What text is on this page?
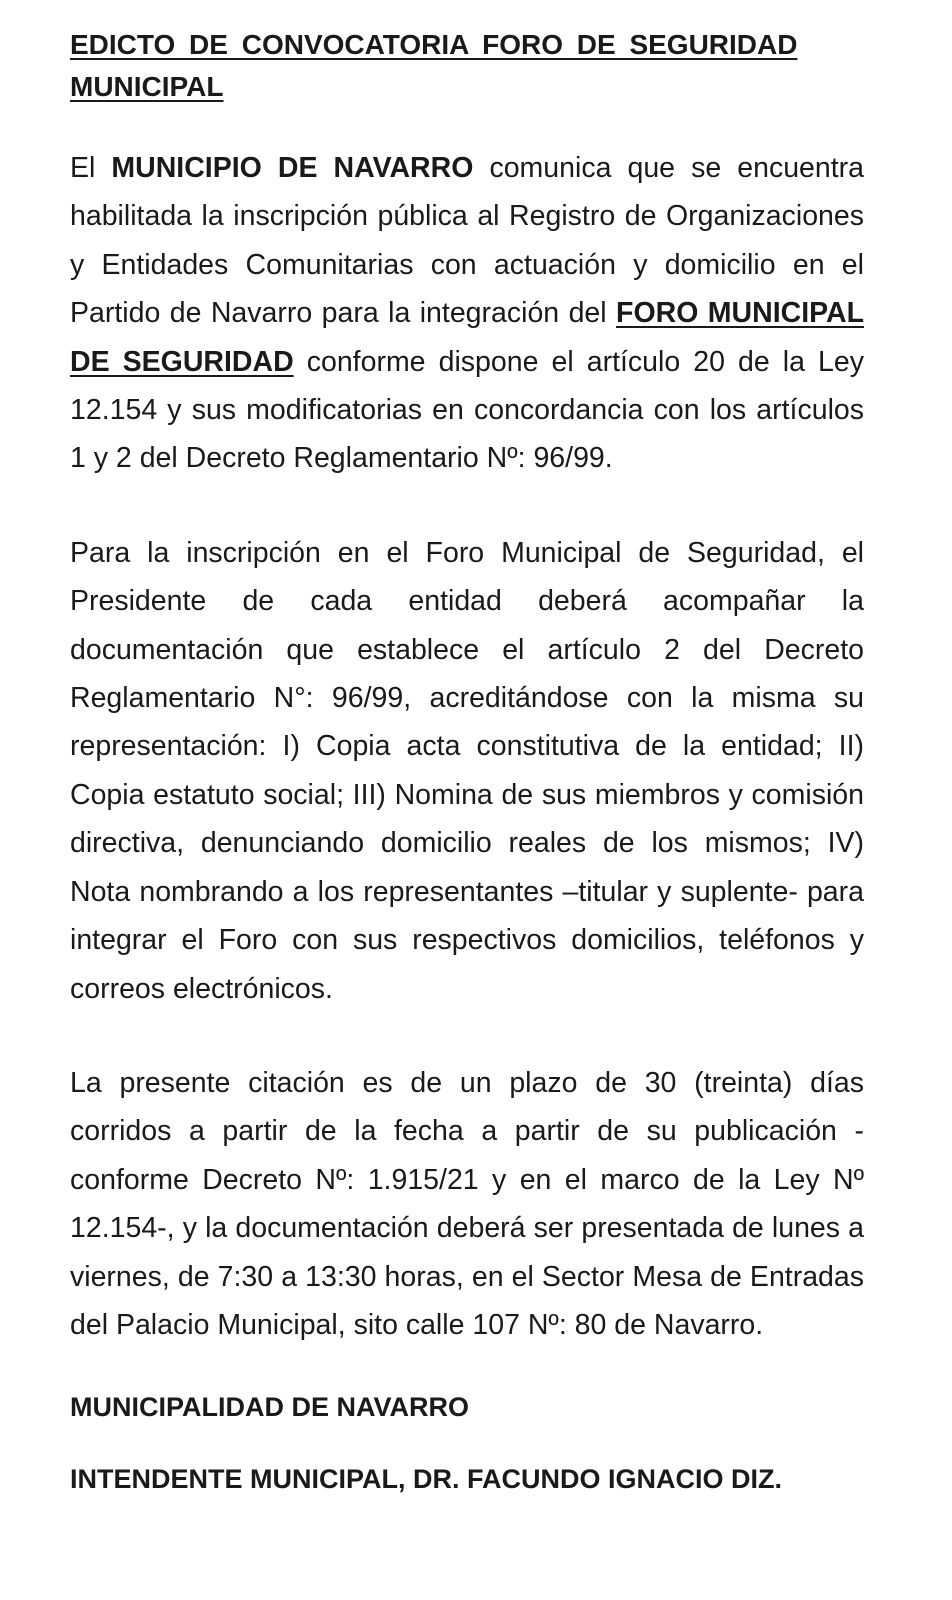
EDICTO DE CONVOCATORIA FORO DE SEGURIDAD MUNICIPAL

El MUNICIPIO DE NAVARRO comunica que se encuentra habilitada la inscripción pública al Registro de Organizaciones y Entidades Comunitarias con actuación y domicilio en el Partido de Navarro para la integración del FORO MUNICIPAL DE SEGURIDAD conforme dispone el artículo 20 de la Ley 12.154 y sus modificatorias en concordancia con los artículos 1 y 2 del Decreto Reglamentario Nº: 96/99.

Para la inscripción en el Foro Municipal de Seguridad, el Presidente de cada entidad deberá acompañar la documentación que establece el artículo 2 del Decreto Reglamentario N°: 96/99, acreditándose con la misma su representación: I) Copia acta constitutiva de la entidad; II) Copia estatuto social; III) Nomina de sus miembros y comisión directiva, denunciando domicilio reales de los mismos; IV) Nota nombrando a los representantes –titular y suplente- para integrar el Foro con sus respectivos domicilios, teléfonos y correos electrónicos.

La presente citación es de un plazo de 30 (treinta) días corridos a partir de la fecha a partir de su publicación -conforme Decreto Nº: 1.915/21 y en el marco de la Ley Nº 12.154-, y la documentación deberá ser presentada de lunes a viernes, de 7:30 a 13:30 horas, en el Sector Mesa de Entradas del Palacio Municipal, sito calle 107 Nº: 80 de Navarro.

MUNICIPALIDAD DE NAVARRO

INTENDENTE MUNICIPAL, DR. FACUNDO IGNACIO DIZ.
